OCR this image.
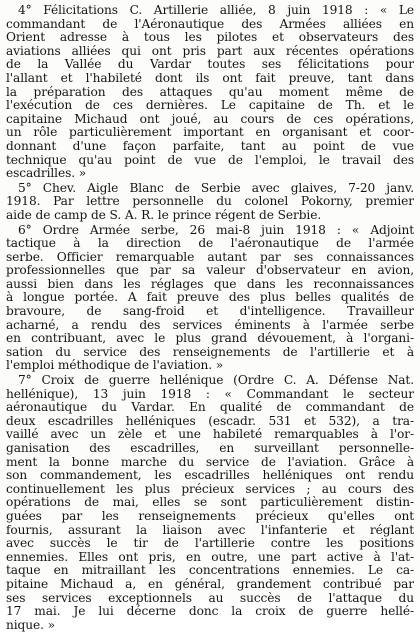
4° Félicitations C. Artillerie alliée, 8 juin 1918 : « Le
commandant de l'Aéronautique des Armées alliées en
Orient adresse à tous les pilotes et observateurs des
aviations alliées qui ont pris part aux récentes opérations
de la Vallée du Vardar toutes ses félicitations pour
l'allant et l'habileté dont ils ont fait preuve, tant dans
la préparation des attaques qu'au moment même de
l'exécution de ces dernières. Le capitaine de Th. et le
capitaine Michaud ont joué, au cours de ces opérations,
un rôle particulièrement important en organisant et coor-
donnant d'une façon parfaite, tant au point de vue
technique qu'au point de vue de l'emploi, le travail des
escadrilles. »
5° Chev. Aigle Blanc de Serbie avec glaives, 7-20 janv.
1918. Par lettre personnelle du colonel Pokorny, premier
aide de camp de S. A. R. le prince régent de Serbie.
6° Ordre Armée serbe, 26 mai-8 juin 1918 : « Adjoint
tactique à la direction de l'aéronautique de l'armée
serbe. Officier remarquable autant par ses connaissances
professionnelles que par sa valeur d'observateur en avion,
aussi bien dans les réglages que dans les reconnaissances
à longue portée. A fait preuve des plus belles qualités de
bravoure, de sang-froid et d'intelligence. Travailleur
acharné, a rendu des services éminents à l'armée serbe
en contribuant, avec le plus grand dévouement, à l'organi-
sation du service des renseignements de l'artillerie et à
l'emploi méthodique de l'aviation. »
7° Croix de guerre hellénique (Ordre C. A. Défense Nat.
hellénique), 13 juin 1918 : « Commandant le secteur
aéronautique du Vardar. En qualité de commandant de
deux escadrilles helléniques (escadr. 531 et 532), a tra-
vaillé avec un zèle et une habileté remarquables à l'or-
ganisation des escadrilles, en surveillant personnelle-
ment la bonne marche du service de l'aviation. Grâce à
son commandement, les escadrilles helléniques ont rendu
continuellement les plus précieux services ; au cours des
opérations de mai, elles se sont particulièrement distin-
guées par les renseignements précieux qu'elles ont
fournis, assurant la liaison avec l'infanterie et réglant
avec succès le tir de l'artillerie contre les positions
ennemies. Elles ont pris, en outre, une part active à l'at-
taque en mitraillant les concentrations ennemies. Le ca-
pitaine Michaud a, en général, grandement contribué par
ses services exceptionnels au succès de l'attaque du
17 mai. Je lui décerne donc la croix de guerre hellé-
nique. »
